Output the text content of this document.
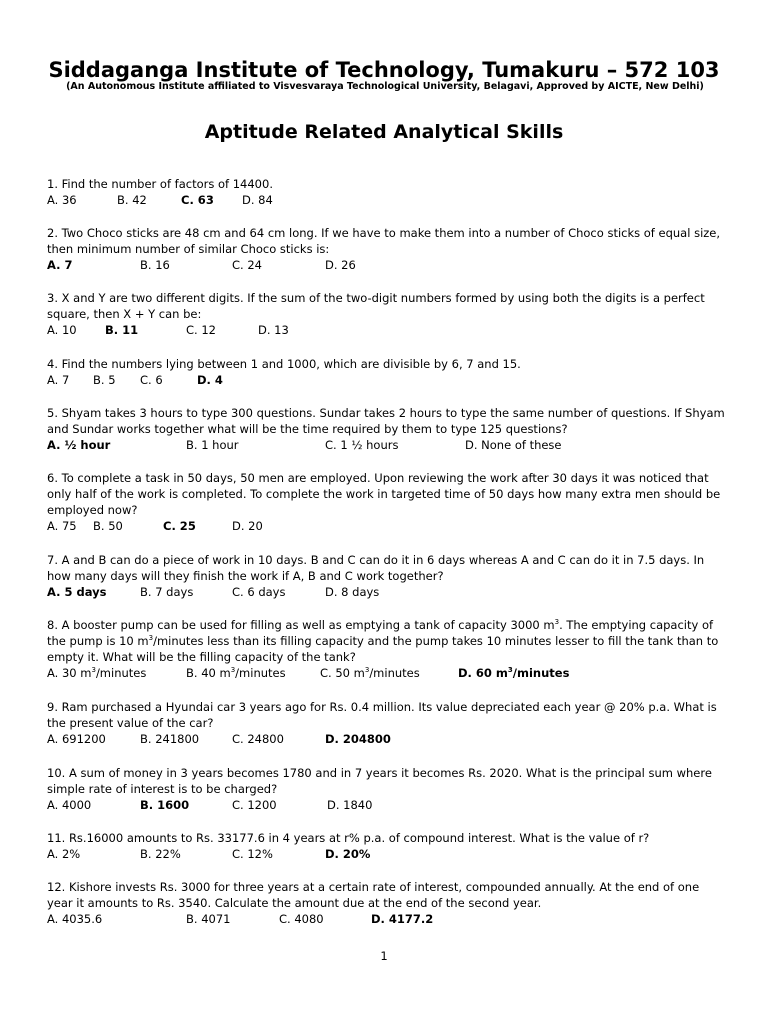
Siddaganga Institute of Technology, Tumakuru – 572 103
(An Autonomous Institute affiliated to Visvesvaraya Technological University, Belagavi, Approved by AICTE, New Delhi)
Aptitude Related Analytical Skills

1. Find the number of factors of 14400.

A. 36	B. 42	C. 63 D. 84

2. Two Choco sticks are 48 cm and 64 cm long. If we have to make them into a number of Choco sticks of equal size, then minimum number of similar Choco sticks is:

A. 7	B. 16	C. 24	D. 26

3. X and Y are two different digits. If the sum of the two-digit numbers formed by using both the digits is a perfect square, then X + Y can be:

A. 10 B. 11	C. 12	D. 13

4. Find the numbers lying between 1 and 1000, which are divisible by 6, 7 and 15.

A. 7 B. 5 C. 6	D. 4

5. Shyam takes 3 hours to type 300 questions. Sundar takes 2 hours to type the same number of questions. If Shyam and Sundar works together what will be the time required by them to type 125 questions?

A. ½ hour	B. 1 hour	C. 1 ½ hours	D. None of these

6. To complete a task in 50 days, 50 men are employed. Upon reviewing the work after 30 days it was noticed that only half of the work is completed. To complete the work in targeted time of 50 days how many extra men should be employed now?

A. 75 B. 50	C. 25	D. 20

7. A and B can do a piece of work in 10 days. B and C can do it in 6 days whereas A and C can do it in 7.5 days. In how many days will they finish the work if A, B and C work together?

A. 5 days	B. 7 days	C. 6 days	D. 8 days

8. A booster pump can be used for filling as well as emptying a tank of capacity 3000 $m^3$. The emptying capacity of the pump is 10 $m^3$/minutes less than its filling capacity and the pump takes 10 minutes lesser to fill the tank than to empty it. What will be the filling capacity of the tank?

A. 30 $m^3$/minutes	B. 40 $m^3$/minutes	C. 50 $m^3$/minutes	D. 60 $m^3$/minutes

9. Ram purchased a Hyundai car 3 years ago for Rs. 0.4 million. Its value depreciated each year @ 20% p.a. What is the present value of the car?

A. 691200	B. 241800	C. 24800	D. 204800

10. A sum of money in 3 years becomes 1780 and in 7 years it becomes Rs. 2020. What is the principal sum where simple rate of interest is to be charged?

A. 4000	B. 1600	C. 1200	D. 1840

11. Rs.16000 amounts to Rs. 33177.6 in 4 years at r% p.a. of compound interest. What is the value of r?

A. 2%	B. 22%	C. 12%	D. 20%

12. Kishore invests Rs. 3000 for three years at a certain rate of interest, compounded annually. At the end of one year it amounts to Rs. 3540. Calculate the amount due at the end of the second year.

A. 4035.6	B. 4071	C. 4080	D. 4177.2
1
